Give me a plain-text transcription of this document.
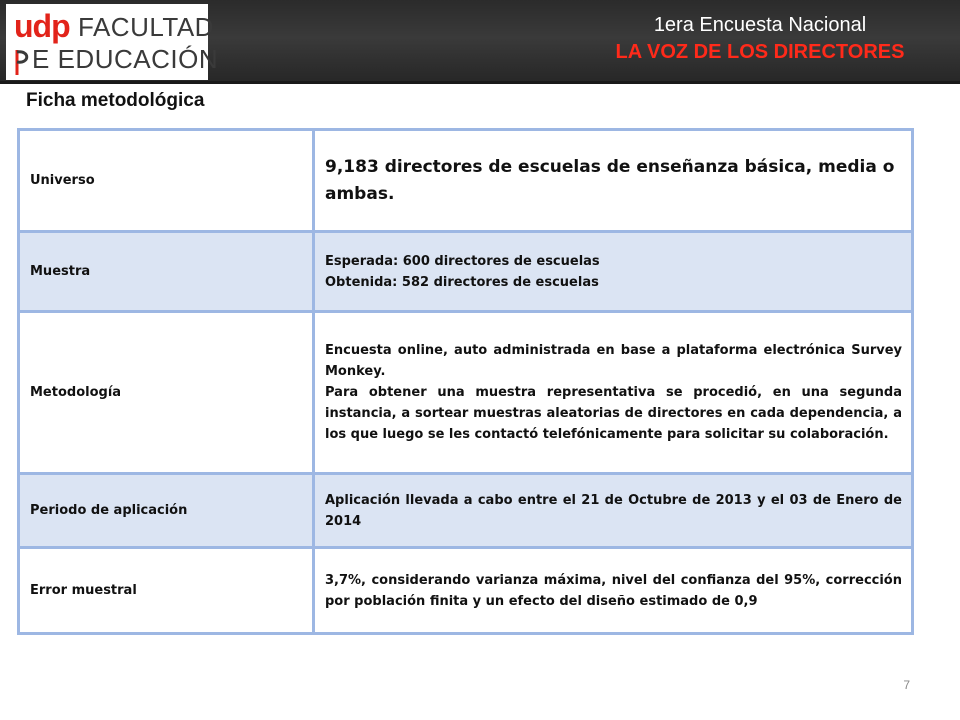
udp FACULTAD
E EDUCACIÓN
1era Encuesta Nacional
LA VOZ DE LOS DIRECTORES
Ficha metodológica
Universo	9,183 directores de escuelas de enseñanza básica, media o ambas.

Muestra	Esperada: 600 directores de escuelas

Obtenida: 582 directores de escuelas

Metodología	Encuesta online, auto administrada en base a plataforma electrónica Survey Monkey.

Para obtener una muestra representativa se procedió, en una segunda instancia, a sortear muestras aleatorias de directores en cada dependencia, a los que luego se les contactó telefónicamente para solicitar su colaboración.

Periodo de aplicación	Aplicación llevada a cabo entre el 21 de Octubre de 2013 y el 03 de Enero de 2014

Error muestral	3,7%, considerando varianza máxima, nivel del confianza del 95%, corrección por población finita y un efecto del diseño estimado de 0,9

7
